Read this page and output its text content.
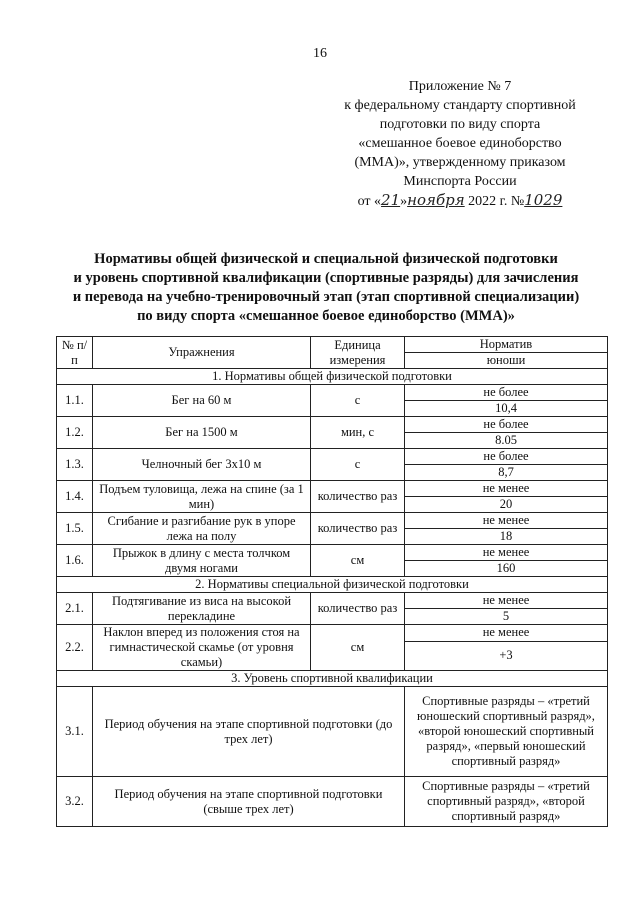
16
Приложение № 7
к федеральному стандарту спортивной
подготовки по виду спорта
«смешанное боевое единоборство
(ММА)», утвержденному приказом
Минспорта России
от «21»ноября 2022 г. №1029
Нормативы общей физической и специальной физической подготовки
и уровень спортивной квалификации (спортивные разряды) для зачисления
и перевода на учебно-тренировочный этап (этап спортивной специализации)
по виду спорта «смешанное боевое единоборство (ММА)»
№ п/п	Упражнения	Единица измерения	Норматив
			юноши
1. Нормативы общей физической подготовки			
1.1.	Бег на 60 м	с	не более
			10,4
1.2.	Бег на 1500 м	мин, с	не более
			8.05
1.3.	Челночный бег 3х10 м	с	не более
			8,7
1.4.	Подъем туловища, лежа на спине (за 1 мин)	количество раз	не менее
			20
1.5.	Сгибание и разгибание рук в упоре лежа на полу	количество раз	не менее
			18
1.6.	Прыжок в длину с места толчком двумя ногами	см	не менее
			160
2. Нормативы специальной физической подготовки			
2.1.	Подтягивание из виса на высокой перекладине	количество раз	не менее
			5
2.2.	Наклон вперед из положения стоя на гимнастической скамье (от уровня скамьи)	см	не менее
			+3
3. Уровень спортивной квалификации			
3.1.	Период обучения на этапе спортивной подготовки (до трех лет)		Спортивные разряды – «третий юношеский спортивный разряд», «второй юношеский спортивный разряд», «первый юношеский спортивный разряд»
3.2.	Период обучения на этапе спортивной подготовки (свыше трех лет)		Спортивные разряды – «третий спортивный разряд», «второй спортивный разряд»
